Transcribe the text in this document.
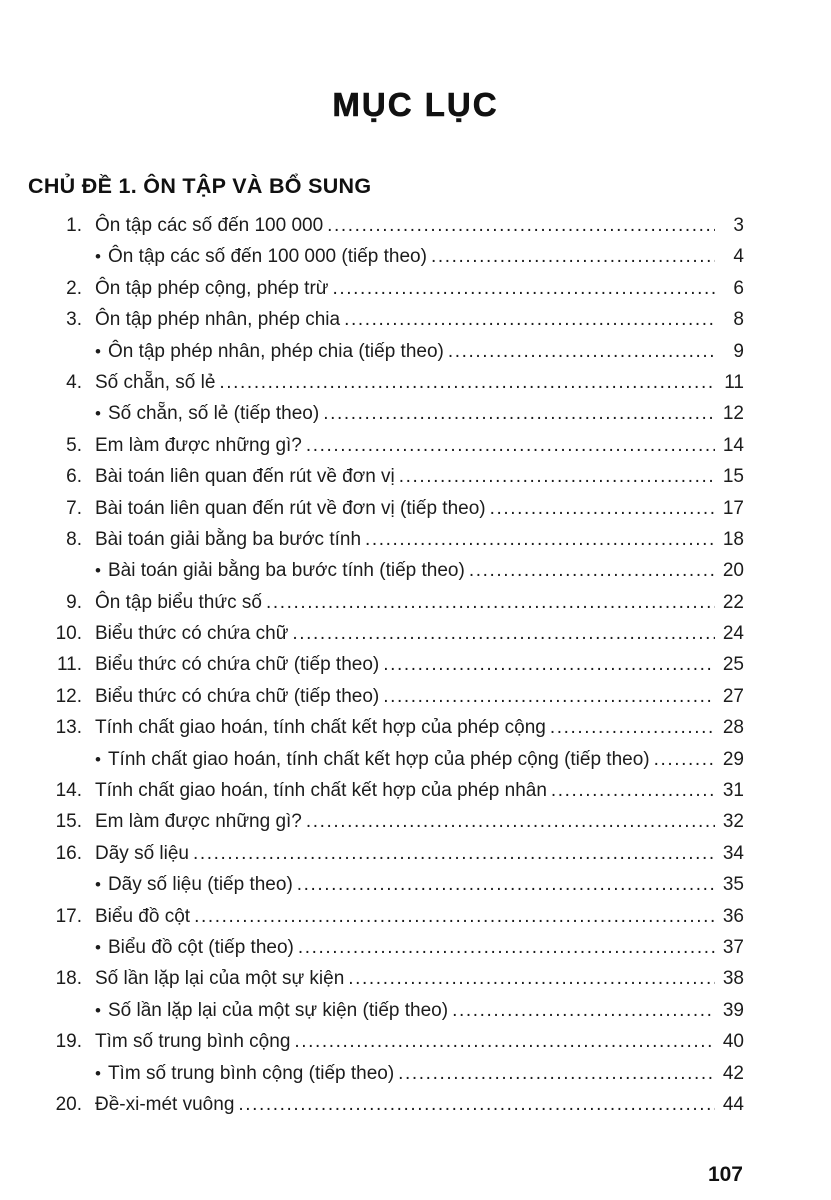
MỤC LỤC
CHỦ ĐỀ 1. ÔN TẬP VÀ BỔ SUNG
1. Ôn tập các số đến 100 000 .....	3
• Ôn tập các số đến 100 000 (tiếp theo) .....	4
2. Ôn tập phép cộng, phép trừ .....	6
3. Ôn tập phép nhân, phép chia .....	8
• Ôn tập phép nhân, phép chia (tiếp theo) .....	9
4. Số chẵn, số lẻ .....	11
• Số chẵn, số lẻ (tiếp theo) .....	12
5. Em làm được những gì? .....	14
6. Bài toán liên quan đến rút về đơn vị .....	15
7. Bài toán liên quan đến rút về đơn vị (tiếp theo) .....	17
8. Bài toán giải bằng ba bước tính .....	18
• Bài toán giải bằng ba bước tính (tiếp theo) .....	20
9. Ôn tập biểu thức số .....	22
10. Biểu thức có chứa chữ .....	24
11. Biểu thức có chứa chữ (tiếp theo) .....	25
12. Biểu thức có chứa chữ (tiếp theo) .....	27
13. Tính chất giao hoán, tính chất kết hợp của phép cộng .....	28
• Tính chất giao hoán, tính chất kết hợp của phép cộng (tiếp theo) .....	29
14. Tính chất giao hoán, tính chất kết hợp của phép nhân .....	31
15. Em làm được những gì? .....	32
16. Dãy số liệu .....	34
• Dãy số liệu (tiếp theo) .....	35
17. Biểu đồ cột .....	36
• Biểu đồ cột (tiếp theo) .....	37
18. Số lần lặp lại của một sự kiện .....	38
• Số lần lặp lại của một sự kiện (tiếp theo) .....	39
19. Tìm số trung bình cộng .....	40
• Tìm số trung bình cộng (tiếp theo) .....	42
20. Đề-xi-mét vuông .....	44
107
